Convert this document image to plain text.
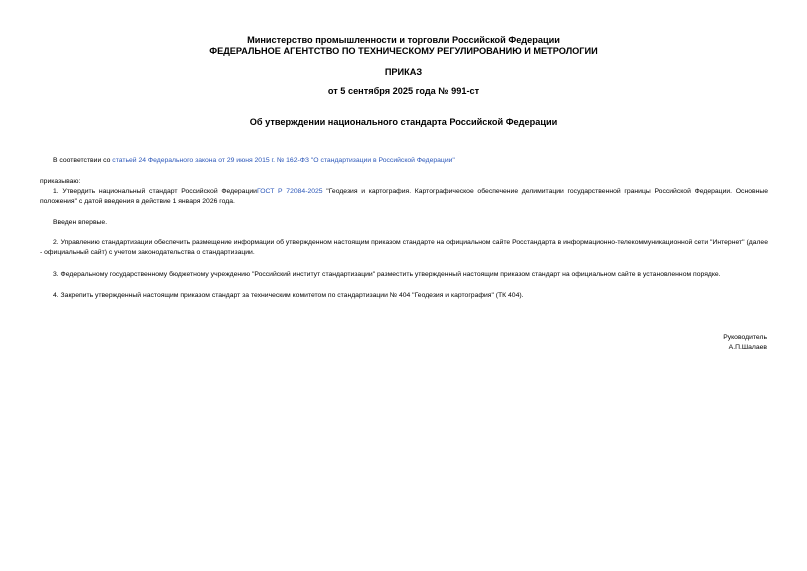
Министерство промышленности и торговли Российской Федерации
ФЕДЕРАЛЬНОЕ АГЕНТСТВО ПО ТЕХНИЧЕСКОМУ РЕГУЛИРОВАНИЮ И МЕТРОЛОГИИ
ПРИКАЗ
от 5 сентября 2025 года № 991-ст
Об утверждении национального стандарта Российской Федерации
В соответствии со статьей 24 Федерального закона от 29 июня 2015 г. № 162-ФЗ "О стандартизации в Российской Федерации"
приказываю:
1. Утвердить национальный стандарт Российской ФедерацииГОСТ Р 72084-2025 "Геодезия и картография. Картографическое обеспечение делимитации государственной границы Российской Федерации. Основные положения" с датой введения в действие 1 января 2026 года.
Введен впервые.
2. Управлению стандартизации обеспечить размещение информации об утвержденном настоящим приказом стандарте на официальном сайте Росстандарта в информационно-телекоммуникационной сети "Интернет" (далее - официальный сайт) с учетом законодательства о стандартизации.
3. Федеральному государственному бюджетному учреждению "Российский институт стандартизации" разместить утвержденный настоящим приказом стандарт на официальном сайте в установленном порядке.
4. Закрепить утвержденный настоящим приказом стандарт за техническим комитетом по стандартизации № 404 "Геодезия и картография" (ТК 404).
Руководитель
А.П.Шалаев
